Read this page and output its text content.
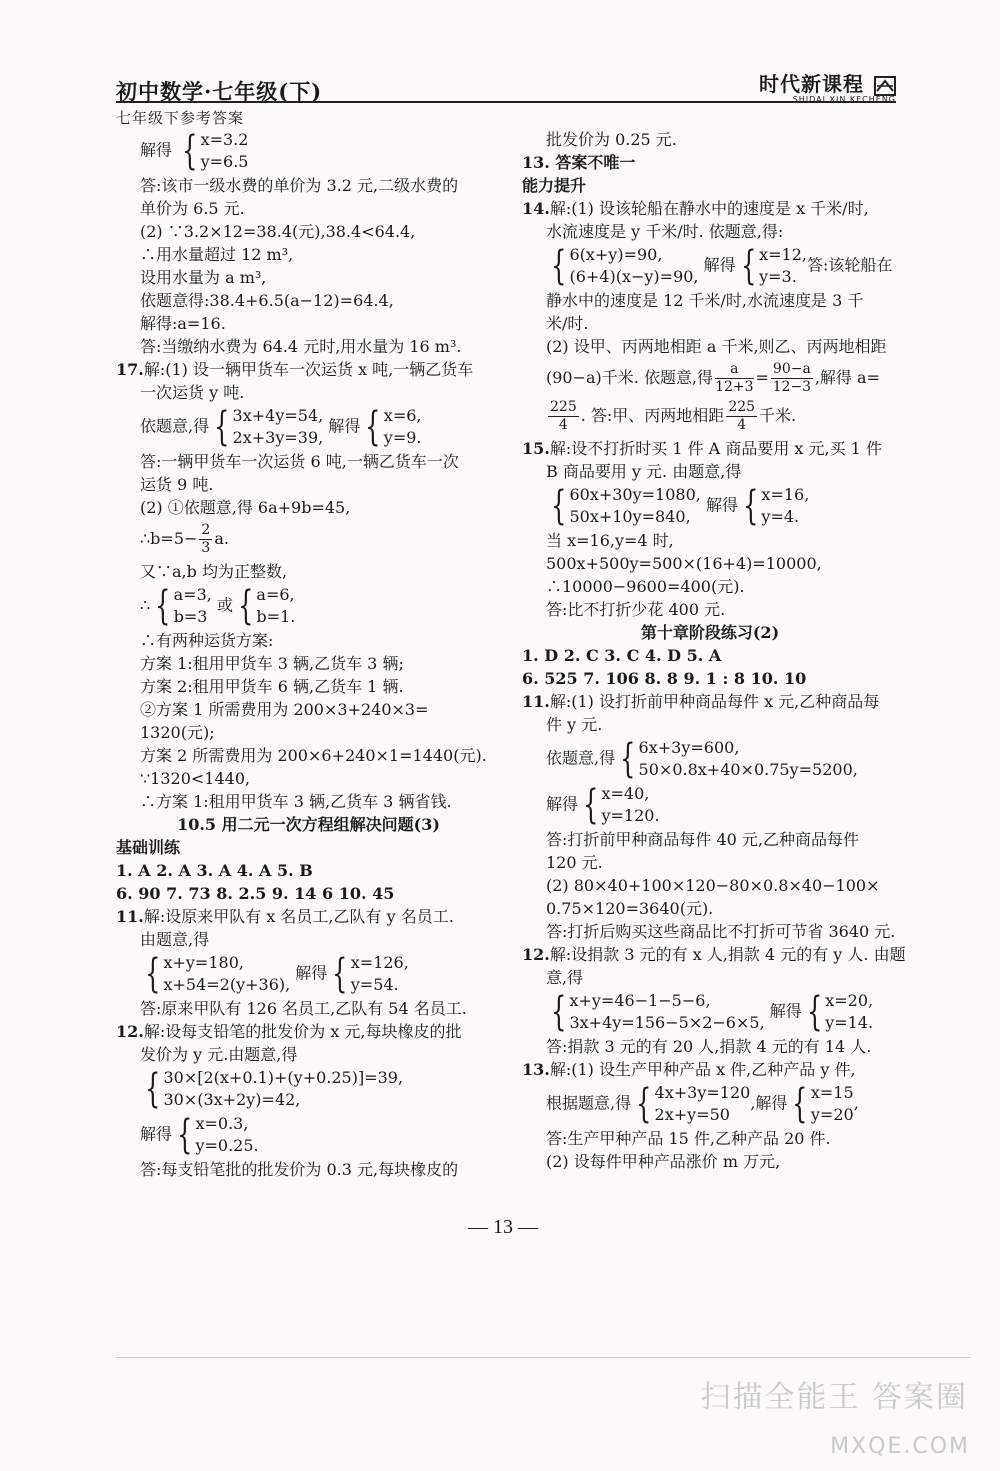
初中数学·七年级(下)
七年级下参考答案
时代新课程
SHIDAI XIN KECHENG
解得 { x=3.2
y=6.5
答:该市一级水费的单价为 3.2 元,二级水费的
单价为 6.5 元.
(2) ∵3.2×12=38.4(元),38.4<64.4,
∴用水量超过 12 m³,
设用水量为 a m³,
依题意得:38.4+6.5(a−12)=64.4,
解得:a=16.
答:当缴纳水费为 64.4 元时,用水量为 16 m³.
17.解:(1) 设一辆甲货车一次运货 x 吨,一辆乙货车
一次运货 y 吨.
依题意,得 { 3x+4y=54,
2x+3y=39,
解得 { x=6,
y=9.
答:一辆甲货车一次运货 6 吨,一辆乙货车一次
运货 9 吨.
(2) ①依题意,得 6a+9b=45,
∴b=5− $\frac{2}{3} a$.
又∵a,b 均为正整数,
∴ { a=3,
b=3
或 { a=6,
b=1.
∴有两种运货方案:
方案 1:租用甲货车 3 辆,乙货车 3 辆;
方案 2:租用甲货车 6 辆,乙货车 1 辆.
②方案 1 所需费用为 200×3+240×3=
1320(元);
方案 2 所需费用为 200×6+240×1=1440(元).
∵1320<1440,
∴方案 1:租用甲货车 3 辆,乙货车 3 辆省钱.
10.5 用二元一次方程组解决问题(3)
基础训练
1. A 2. A 3. A 4. A 5. B
6. 90 7. 73 8. 2.5 9. 14 6 10. 45
11.解:设原来甲队有 x 名员工,乙队有 y 名员工.
由题意,得
{ x+y=180,
x+54=2(y+36),
解得 { x=126,
y=54.
答:原来甲队有 126 名员工,乙队有 54 名员工.
12.解:设每支铅笔的批发价为 x 元,每块橡皮的批
发价为 y 元.由题意,得
{ 30×[2(x+0.1)+(y+0.25)]=39,
30×(3x+2y)=42,
解得 { x=0.3,
y=0.25.
答:每支铅笔批的批发价为 0.3 元,每块橡皮的
批发价为 0.25 元.
13. 答案不唯一
能力提升
14.解:(1) 设该轮船在静水中的速度是 x 千米/时,
水流速度是 y 千米/时. 依题意,得:
{ 6(x+y)=90,
(6+4)(x−y)=90,
解得 { x=12,
y=3.
答:该轮船在
静水中的速度是 12 千米/时,水流速度是 3 千
米/时.
(2) 设甲、丙两地相距 a 千米,则乙、丙两地相距
(90−a)千米. 依题意,得 $\frac{a}{12+3} = \frac{90-a}{12-3}$ ,解得 a=
$\frac{225}{4}$ . 答:甲、丙两地相距 $\frac{225}{4}$ 千米.
15.解:设不打折时买 1 件 A 商品要用 x 元,买 1 件
B 商品要用 y 元. 由题意,得
{ 60x+30y=1080,
50x+10y=840,
解得 { x=16,
y=4.
当 x=16,y=4 时,
500x+500y=500×(16+4)=10000,
∴10000−9600=400(元).
答:比不打折少花 400 元.
第十章阶段练习(2)
1. D 2. C 3. C 4. D 5. A
6. 525 7. 106 8. 8 9. 1 : 8 10. 10
11.解:(1) 设打折前甲种商品每件 x 元,乙种商品每
件 y 元.
依题意,得 { 6x+3y=600,
50×0.8x+40×0.75y=5200,
解得 { x=40,
y=120.
答:打折前甲种商品每件 40 元,乙种商品每件
120 元.
(2) 80×40+100×120−80×0.8×40−100×
0.75×120=3640(元).
答:打折后购买这些商品比不打折可节省 3640 元.
12.解:设捐款 3 元的有 x 人,捐款 4 元的有 y 人. 由题
意,得
{ x+y=46−1−5−6,
3x+4y=156−5×2−6×5,
解得 { x=20,
y=14.
答:捐款 3 元的有 20 人,捐款 4 元的有 14 人.
13.解:(1) 设生产甲种产品 x 件,乙种产品 y 件,
根据题意,得 { 4x+3y=120
2x+y=50
,解得 { x=15
y=20
,
答:生产甲种产品 15 件,乙种产品 20 件.
(2) 设每件甲种产品涨价 m 万元,
— 13 —
扫描全能王 答案圈
MXQE.COM
